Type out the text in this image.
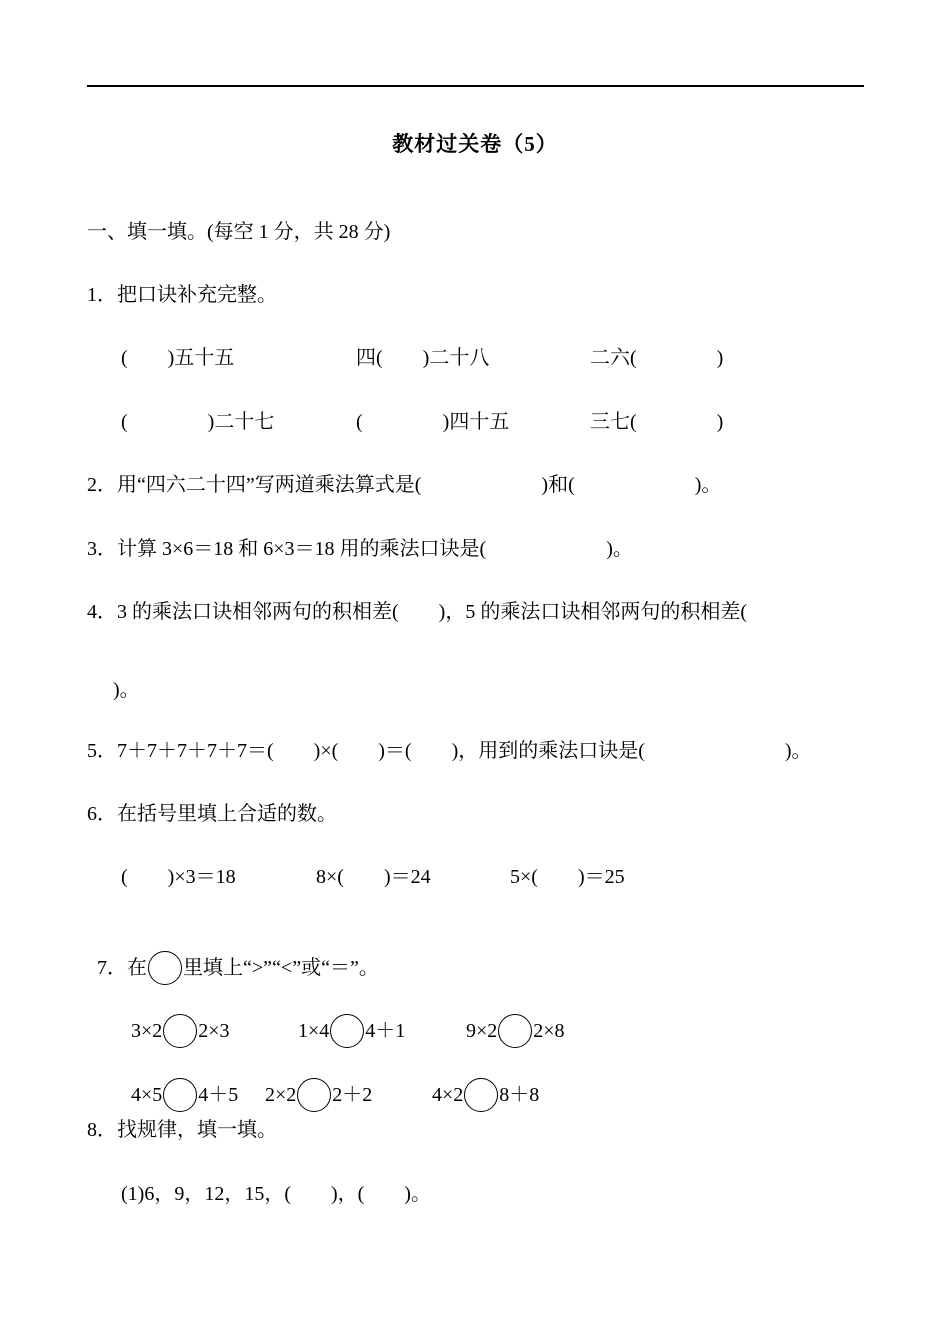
教材过关卷（5）
一、填一填。(每空 1 分，共 28 分)
1．把口诀补充完整。
(　　)五十五	四(　　)二十八	二六(　　　　)
(　　　　)二十七	(　　　　)四十五	三七(　　　　)
2．用“四六二十四”写两道乘法算式是(　　　　　　)和(　　　　　　)。
3．计算 3×6＝18 和 6×3＝18 用的乘法口诀是(　　　　　　)。
4．3 的乘法口诀相邻两句的积相差(　　)，5 的乘法口诀相邻两句的积相差(
)。
5．7＋7＋7＋7＋7＝(　　)×(　　)＝(　　)，用到的乘法口诀是(　　　　　　　)。
6．在括号里填上合适的数。
(　　)×3＝18	8×(　　)＝24	5×(　　)＝25

7．在 里填上“>”“<”或“＝”。

3×2 2×3	1×4 4＋1	9×2 2×8

4×5 4＋5	2×2 2＋2	4×2 8＋8

8．找规律，填一填。
(1)6，9，12，15，(　　)，(　　)。
